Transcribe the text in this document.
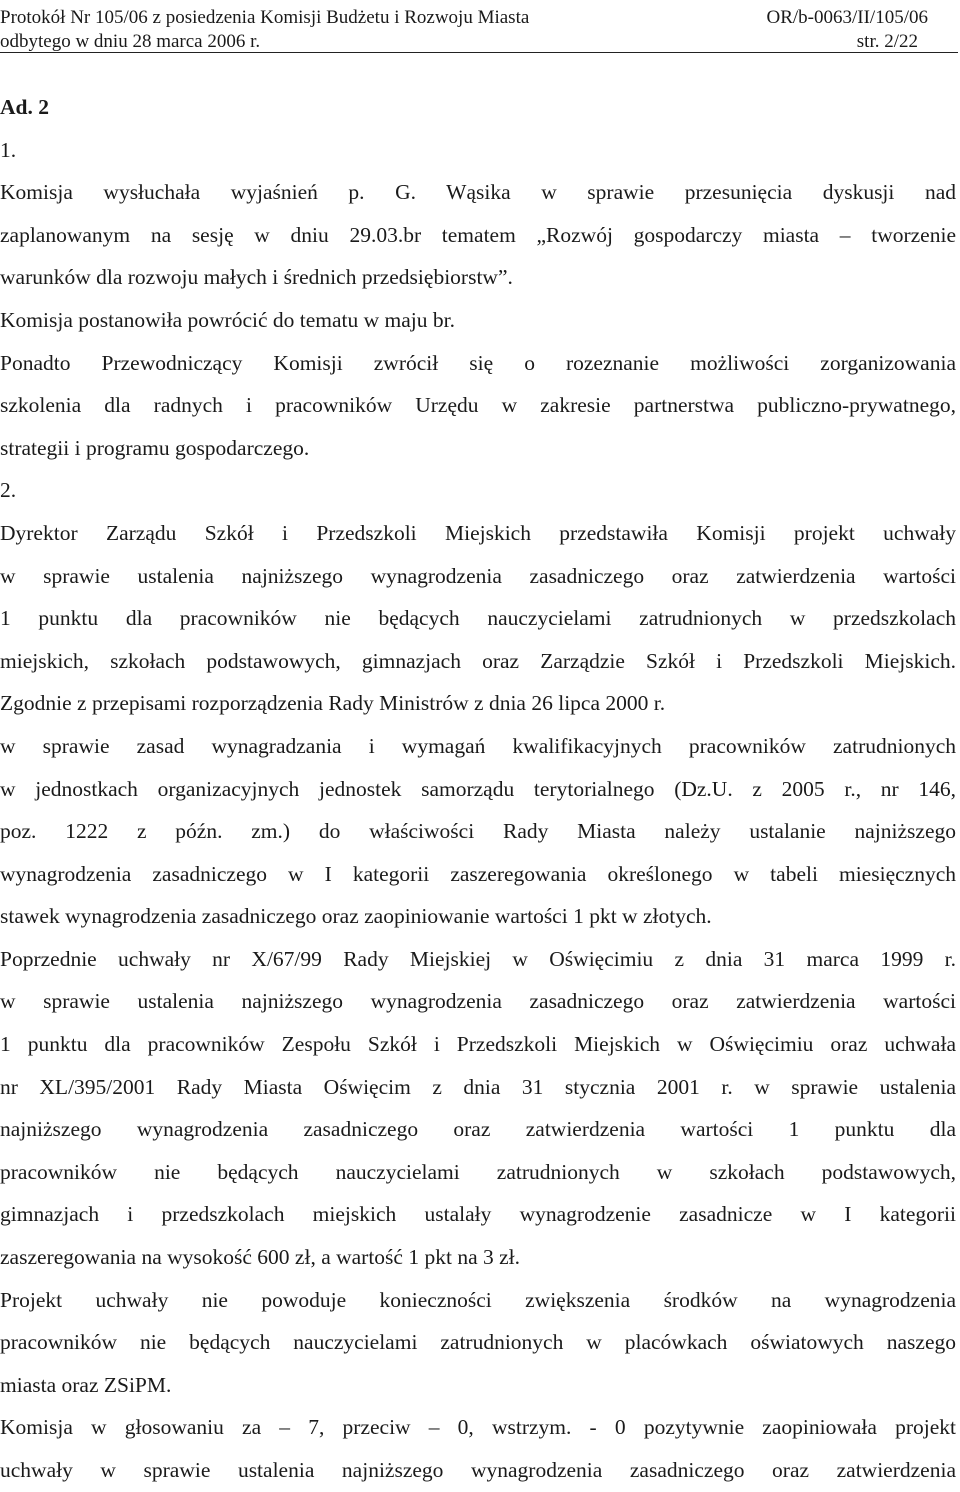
Protokół Nr 105/06 z posiedzenia Komisji Budżetu i Rozwoju Miasta
odbytego w dniu 28 marca 2006 r.
OR/b-0063/II/105/06
str. 2/22
Ad. 2
1.
Komisja wysłuchała wyjaśnień p. G. Wąsika w sprawie przesunięcia dyskusji nad
zaplanowanym na sesję w dniu 29.03.br tematem „Rozwój gospodarczy miasta – tworzenie
warunków dla rozwoju małych i średnich przedsiębiorstw”.
Komisja postanowiła powrócić do tematu w maju br.
Ponadto Przewodniczący Komisji zwrócił się o rozeznanie możliwości zorganizowania
szkolenia dla radnych i pracowników Urzędu w zakresie partnerstwa publiczno-prywatnego,
strategii i programu gospodarczego.
2.
Dyrektor Zarządu Szkół i Przedszkoli Miejskich przedstawiła Komisji projekt uchwały
w sprawie ustalenia najniższego wynagrodzenia zasadniczego oraz zatwierdzenia wartości
1 punktu dla pracowników nie będących nauczycielami zatrudnionych w przedszkolach
miejskich, szkołach podstawowych, gimnazjach oraz Zarządzie Szkół i Przedszkoli Miejskich.
Zgodnie z przepisami rozporządzenia Rady Ministrów z dnia 26 lipca 2000 r.
w sprawie zasad wynagradzania i wymagań kwalifikacyjnych pracowników zatrudnionych
w jednostkach organizacyjnych jednostek samorządu terytorialnego (Dz.U. z 2005 r., nr 146,
poz. 1222 z późn. zm.) do właściwości Rady Miasta należy ustalanie najniższego
wynagrodzenia zasadniczego w I kategorii zaszeregowania określonego w tabeli miesięcznych
stawek wynagrodzenia zasadniczego oraz zaopiniowanie wartości 1 pkt w złotych.
Poprzednie uchwały nr X/67/99 Rady Miejskiej w Oświęcimiu z dnia 31 marca 1999 r.
w sprawie ustalenia najniższego wynagrodzenia zasadniczego oraz zatwierdzenia wartości
1 punktu dla pracowników Zespołu Szkół i Przedszkoli Miejskich w Oświęcimiu oraz uchwała
nr XL/395/2001 Rady Miasta Oświęcim z dnia 31 stycznia 2001 r. w sprawie ustalenia
najniższego wynagrodzenia zasadniczego oraz zatwierdzenia wartości 1 punktu dla
pracowników nie będących nauczycielami zatrudnionych w szkołach podstawowych,
gimnazjach i przedszkolach miejskich ustalały wynagrodzenie zasadnicze w I kategorii
zaszeregowania na wysokość 600 zł, a wartość 1 pkt na 3 zł.
Projekt uchwały nie powoduje konieczności zwiększenia środków na wynagrodzenia
pracowników nie będących nauczycielami zatrudnionych w placówkach oświatowych naszego
miasta oraz ZSiPM.
Komisja w głosowaniu za – 7, przeciw – 0, wstrzym. - 0 pozytywnie zaopiniowała projekt
uchwały w sprawie ustalenia najniższego wynagrodzenia zasadniczego oraz zatwierdzenia
